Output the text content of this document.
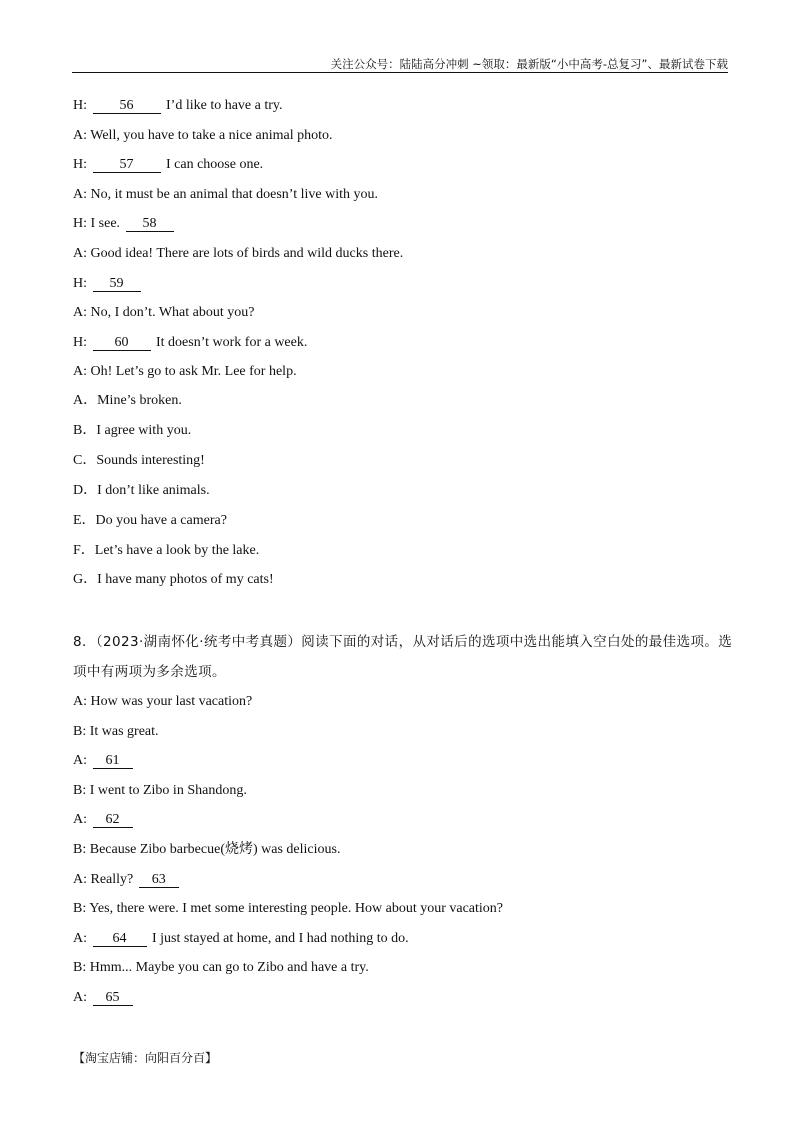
关注公众号：陆陆高分冲刺 ~领取：最新版“小中高考-总复习”、最新试卷下载
H: 56 I’d like to have a try.
A: Well, you have to take a nice animal photo.
H: 57 I can choose one.
A: No, it must be an animal that doesn’t live with you.
H: I see. 58
A: Good idea! There are lots of birds and wild ducks there.
H: 59
A: No, I don’t. What about you?
H: 60 It doesn’t work for a week.
A: Oh! Let’s go to ask Mr. Lee for help.
A．Mine’s broken.
B．I agree with you.
C．Sounds interesting!
D．I don’t like animals.
E．Do you have a camera?
F．Let’s have a look by the lake.
G．I have many photos of my cats!
8．（2023·湖南怀化·统考中考真题）阅读下面的对话，从对话后的选项中选出能填入空白处的最佳选项。选
项中有两项为多余选项。
A: How was your last vacation?
B: It was great.
A: 61
B: I went to Zibo in Shandong.
A: 62
B: Because Zibo barbecue(烧烤) was delicious.
A: Really? 63
B: Yes, there were. I met some interesting people. How about your vacation?
A: 64 I just stayed at home, and I had nothing to do.
B: Hmm... Maybe you can go to Zibo and have a try.
A: 65
【淘宝店铺：向阳百分百】
